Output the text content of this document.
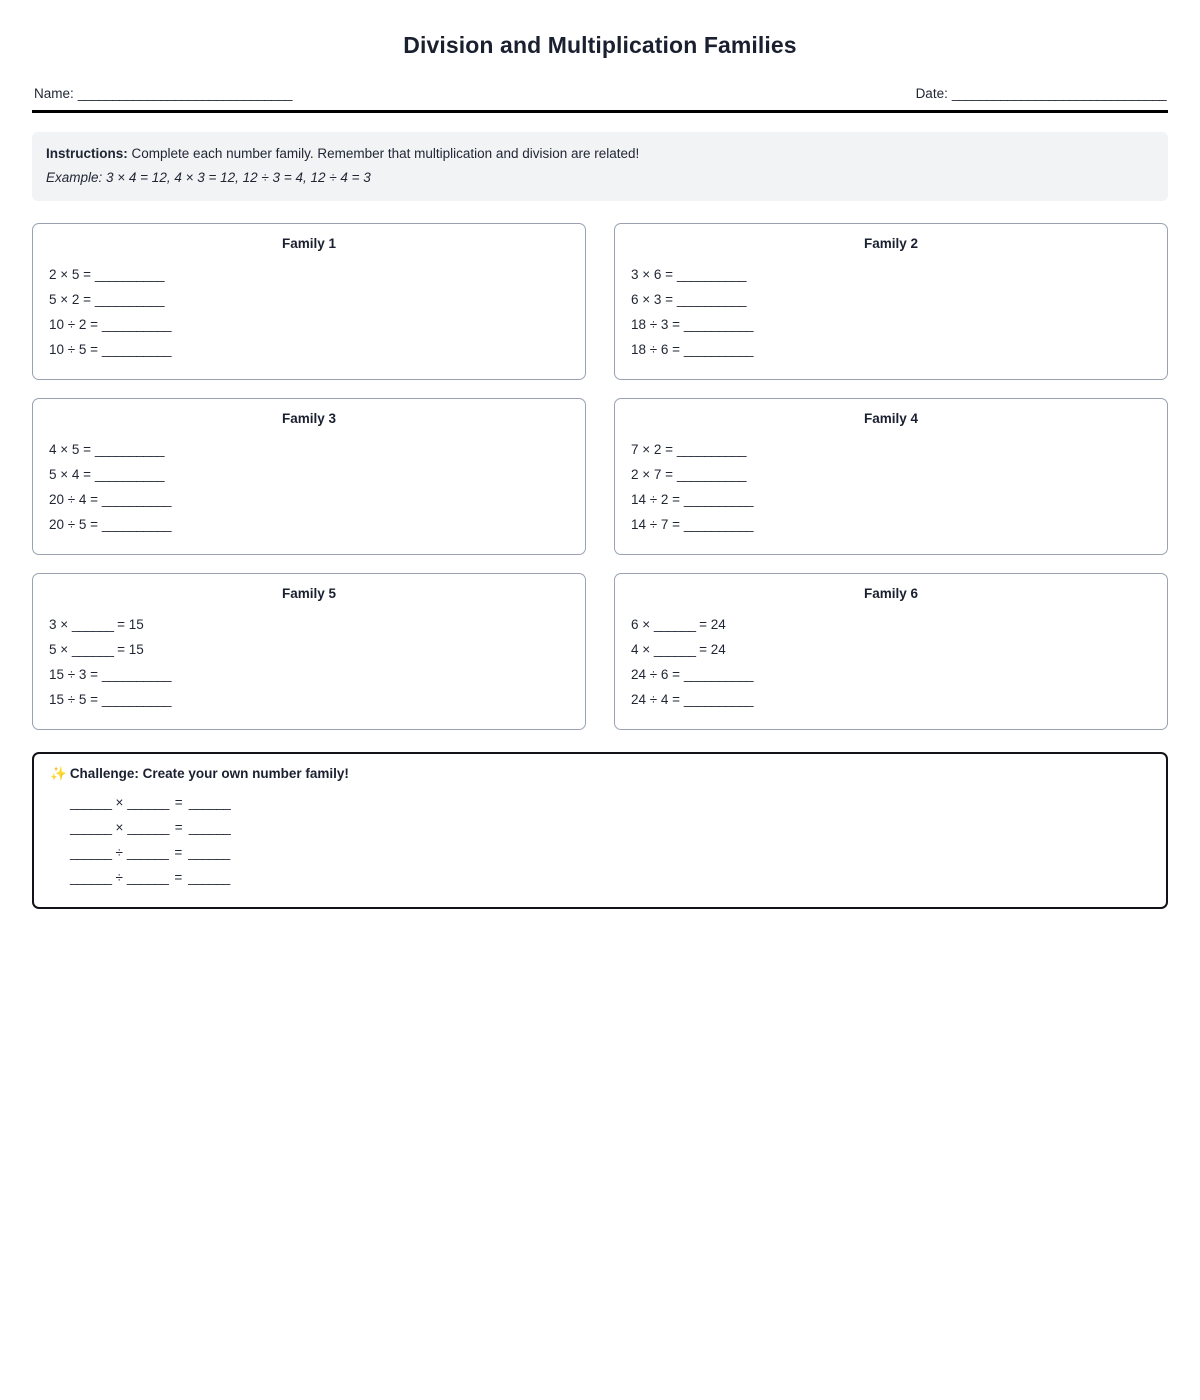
Division and Multiplication Families
Name: _______________________________	Date: _______________________________
Instructions: Complete each number family. Remember that multiplication and division are related!
Example: 3 × 4 = 12, 4 × 3 = 12, 12 ÷ 3 = 4, 12 ÷ 4 = 3
Family 1
2 × 5 = __________
5 × 2 = __________
10 ÷ 2 = __________
10 ÷ 5 = __________
Family 2
3 × 6 = __________
6 × 3 = __________
18 ÷ 3 = __________
18 ÷ 6 = __________
Family 3
4 × 5 = __________
5 × 4 = __________
20 ÷ 4 = __________
20 ÷ 5 = __________
Family 4
7 × 2 = __________
2 × 7 = __________
14 ÷ 2 = __________
14 ÷ 7 = __________
Family 5
3 × ______ = 15
5 × ______ = 15
15 ÷ 3 = __________
15 ÷ 5 = __________
Family 6
6 × ______ = 24
4 × ______ = 24
24 ÷ 6 = __________
24 ÷ 4 = __________
✨ Challenge: Create your own number family!
______ × ______ = ______
______ × ______ = ______
______ ÷ ______ = ______
______ ÷ ______ = ______
